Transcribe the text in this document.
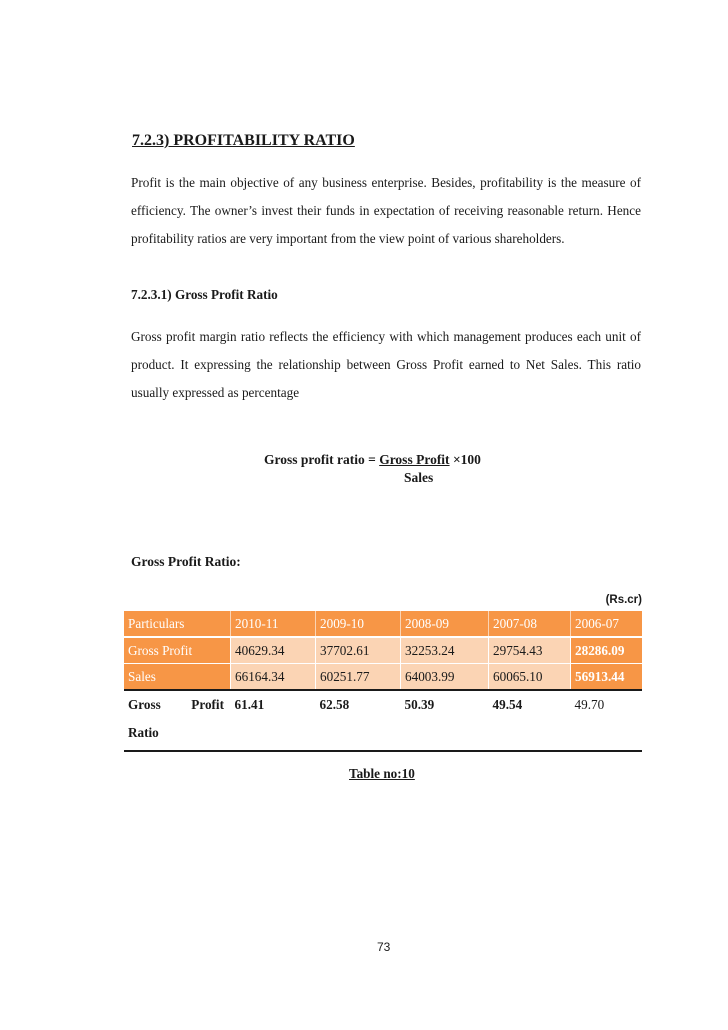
7.2.3) PROFITABILITY RATIO

Profit is the main objective of any business enterprise. Besides, profitability is the measure of efficiency. The owner’s invest their funds in expectation of receiving reasonable return. Hence profitability ratios are very important from the view point of various shareholders.

7.2.3.1) Gross Profit Ratio

Gross profit margin ratio reflects the efficiency with which management produces each unit of product. It expressing the relationship between Gross Profit earned to Net Sales. This ratio usually expressed as percentage

Gross profit ratio = Gross Profit ×100
Sales
Gross Profit Ratio:
(Rs.cr)
Particulars	2010-11	2009-10	2008-09	2007-08	2006-07
Gross Profit	40629.34	37702.61	32253.24	29754.43	28286.09
Sales	66164.34	60251.77	64003.99	60065.10	56913.44

Gross Profit
Ratio	61.41	62.58	50.39	49.54	49.70
Table no:10
73
